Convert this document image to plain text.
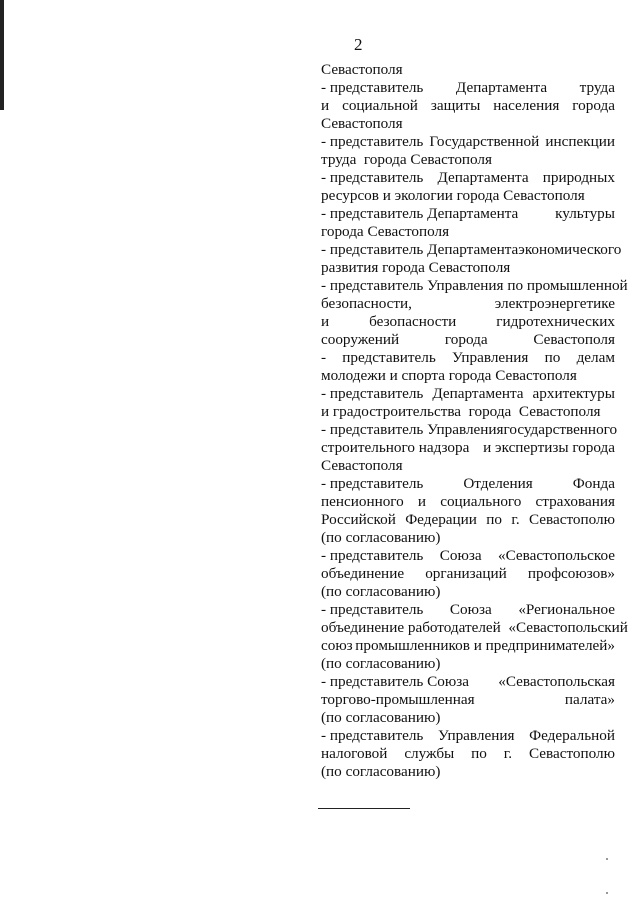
2
Севастополя
- представитель Департамента труда
и социальной защиты населения города
Севастополя
- представитель Государственной инспекции
труда  города Севастополя
- представитель Департамента природных
ресурсов и экологии города Севастополя
- представитель Департамента культуры
города Севастополя
- представитель Департамента экономического
развития города Севастополя
- представитель Управления по промышленной
безопасности,	электроэнергетике
и	безопасности	гидротехнических
сооружений	города	Севастополя
- представитель Управления по делам
молодежи и спорта города Севастополя
- представитель Департамента архитектуры
и градостроительства  города  Севастополя
- представитель Управления государственного
строительного надзора и экспертизы города
Севастополя
- представитель	Отделения	Фонда
пенсионного и социального страхования
Российской Федерации по г. Севастополю
(по согласованию)
- представитель Союза «Севастопольское
объединение организаций профсоюзов»
(по согласованию)
- представитель Союза «Региональное
объединение работодателей  «Севастопольский
союз промышленников и предпринимателей»
(по согласованию)
- представитель Союза «Севастопольская
торгово-промышленная	палата»
(по согласованию)
- представитель Управления Федеральной
налоговой службы по г. Севастополю
(по согласованию)
